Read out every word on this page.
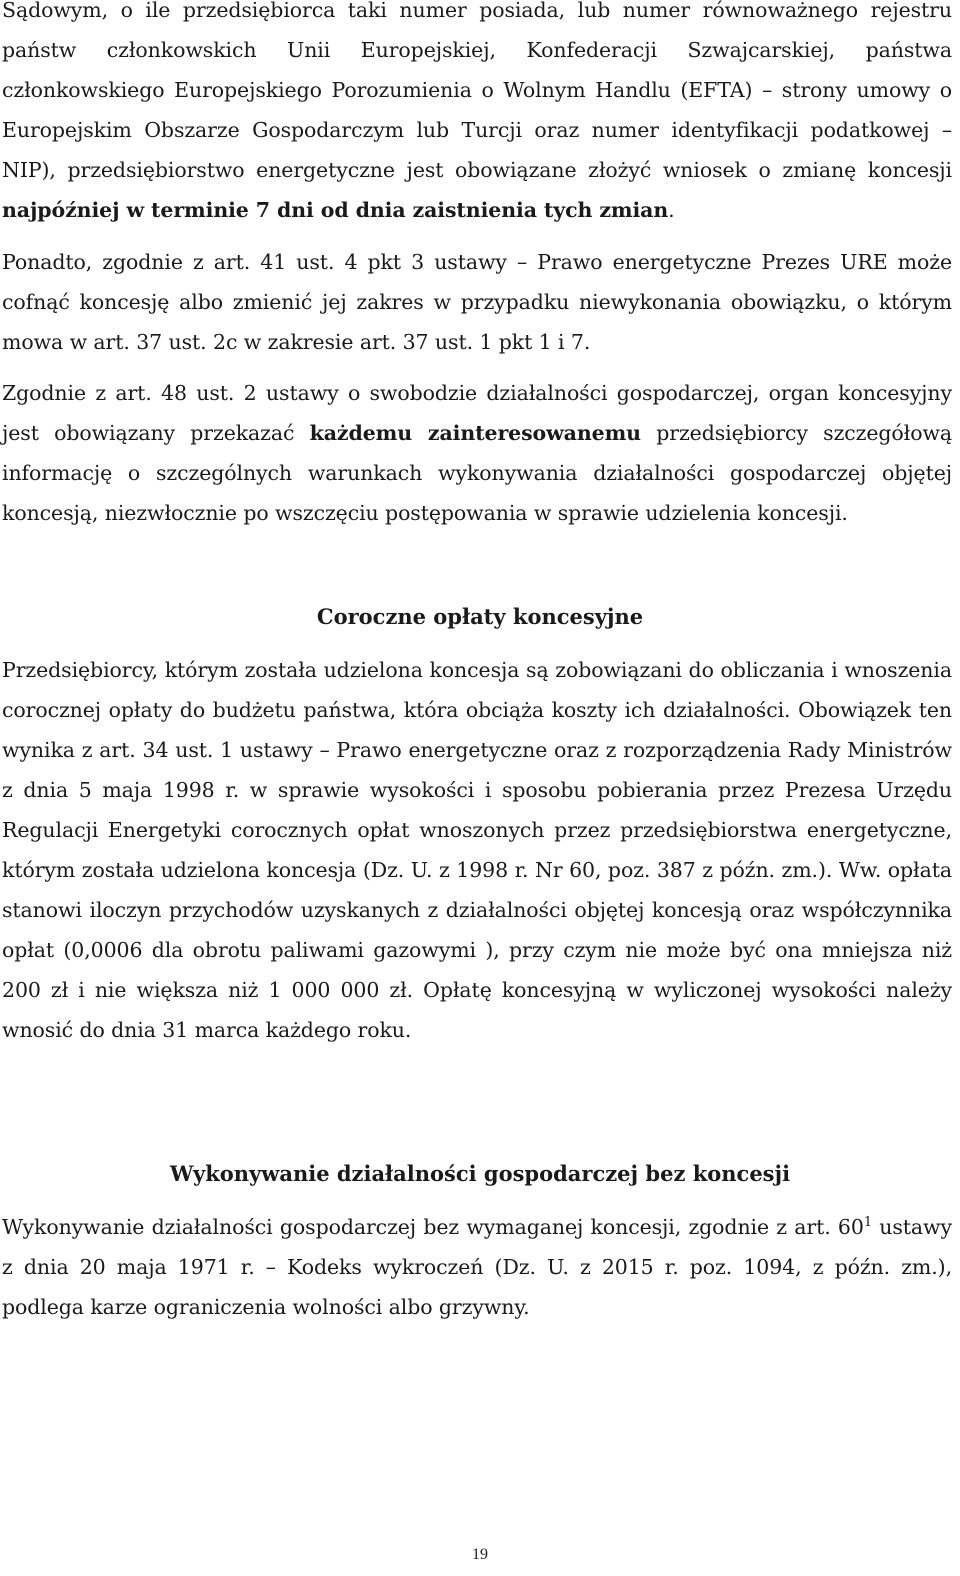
Sądowym, o ile przedsiębiorca taki numer posiada, lub numer równoważnego rejestru państw członkowskich Unii Europejskiej, Konfederacji Szwajcarskiej, państwa członkowskiego Europejskiego Porozumienia o Wolnym Handlu (EFTA) – strony umowy o Europejskim Obszarze Gospodarczym lub Turcji oraz numer identyfikacji podatkowej – NIP), przedsiębiorstwo energetyczne jest obowiązane złożyć wniosek o zmianę koncesji najpóźniej w terminie 7 dni od dnia zaistnienia tych zmian.
Ponadto, zgodnie z art. 41 ust. 4 pkt 3 ustawy – Prawo energetyczne Prezes URE może cofnąć koncesję albo zmienić jej zakres w przypadku niewykonania obowiązku, o którym mowa w art. 37 ust. 2c w zakresie art. 37 ust. 1 pkt 1 i 7.
Zgodnie z art. 48 ust. 2 ustawy o swobodzie działalności gospodarczej, organ koncesyjny jest obowiązany przekazać każdemu zainteresowanemu przedsiębiorcy szczegółową informację o szczególnych warunkach wykonywania działalności gospodarczej objętej koncesją, niezwłocznie po wszczęciu postępowania w sprawie udzielenia koncesji.
Coroczne opłaty koncesyjne
Przedsiębiorcy, którym została udzielona koncesja są zobowiązani do obliczania i wnoszenia corocznej opłaty do budżetu państwa, która obciąża koszty ich działalności. Obowiązek ten wynika z art. 34 ust. 1 ustawy – Prawo energetyczne oraz z rozporządzenia Rady Ministrów z dnia 5 maja 1998 r. w sprawie wysokości i sposobu pobierania przez Prezesa Urzędu Regulacji Energetyki corocznych opłat wnoszonych przez przedsiębiorstwa energetyczne, którym została udzielona koncesja (Dz. U. z 1998 r. Nr 60, poz. 387 z późn. zm.). Ww. opłata stanowi iloczyn przychodów uzyskanych z działalności objętej koncesją oraz współczynnika opłat (0,0006 dla obrotu paliwami gazowymi ), przy czym nie może być ona mniejsza niż 200 zł i nie większa niż 1 000 000 zł. Opłatę koncesyjną w wyliczonej wysokości należy wnosić do dnia 31 marca każdego roku.
Wykonywanie działalności gospodarczej bez koncesji
Wykonywanie działalności gospodarczej bez wymaganej koncesji, zgodnie z art. $60^1$ ustawy z dnia 20 maja 1971 r. – Kodeks wykroczeń (Dz. U. z 2015 r. poz. 1094, z późn. zm.), podlega karze ograniczenia wolności albo grzywny.
19
